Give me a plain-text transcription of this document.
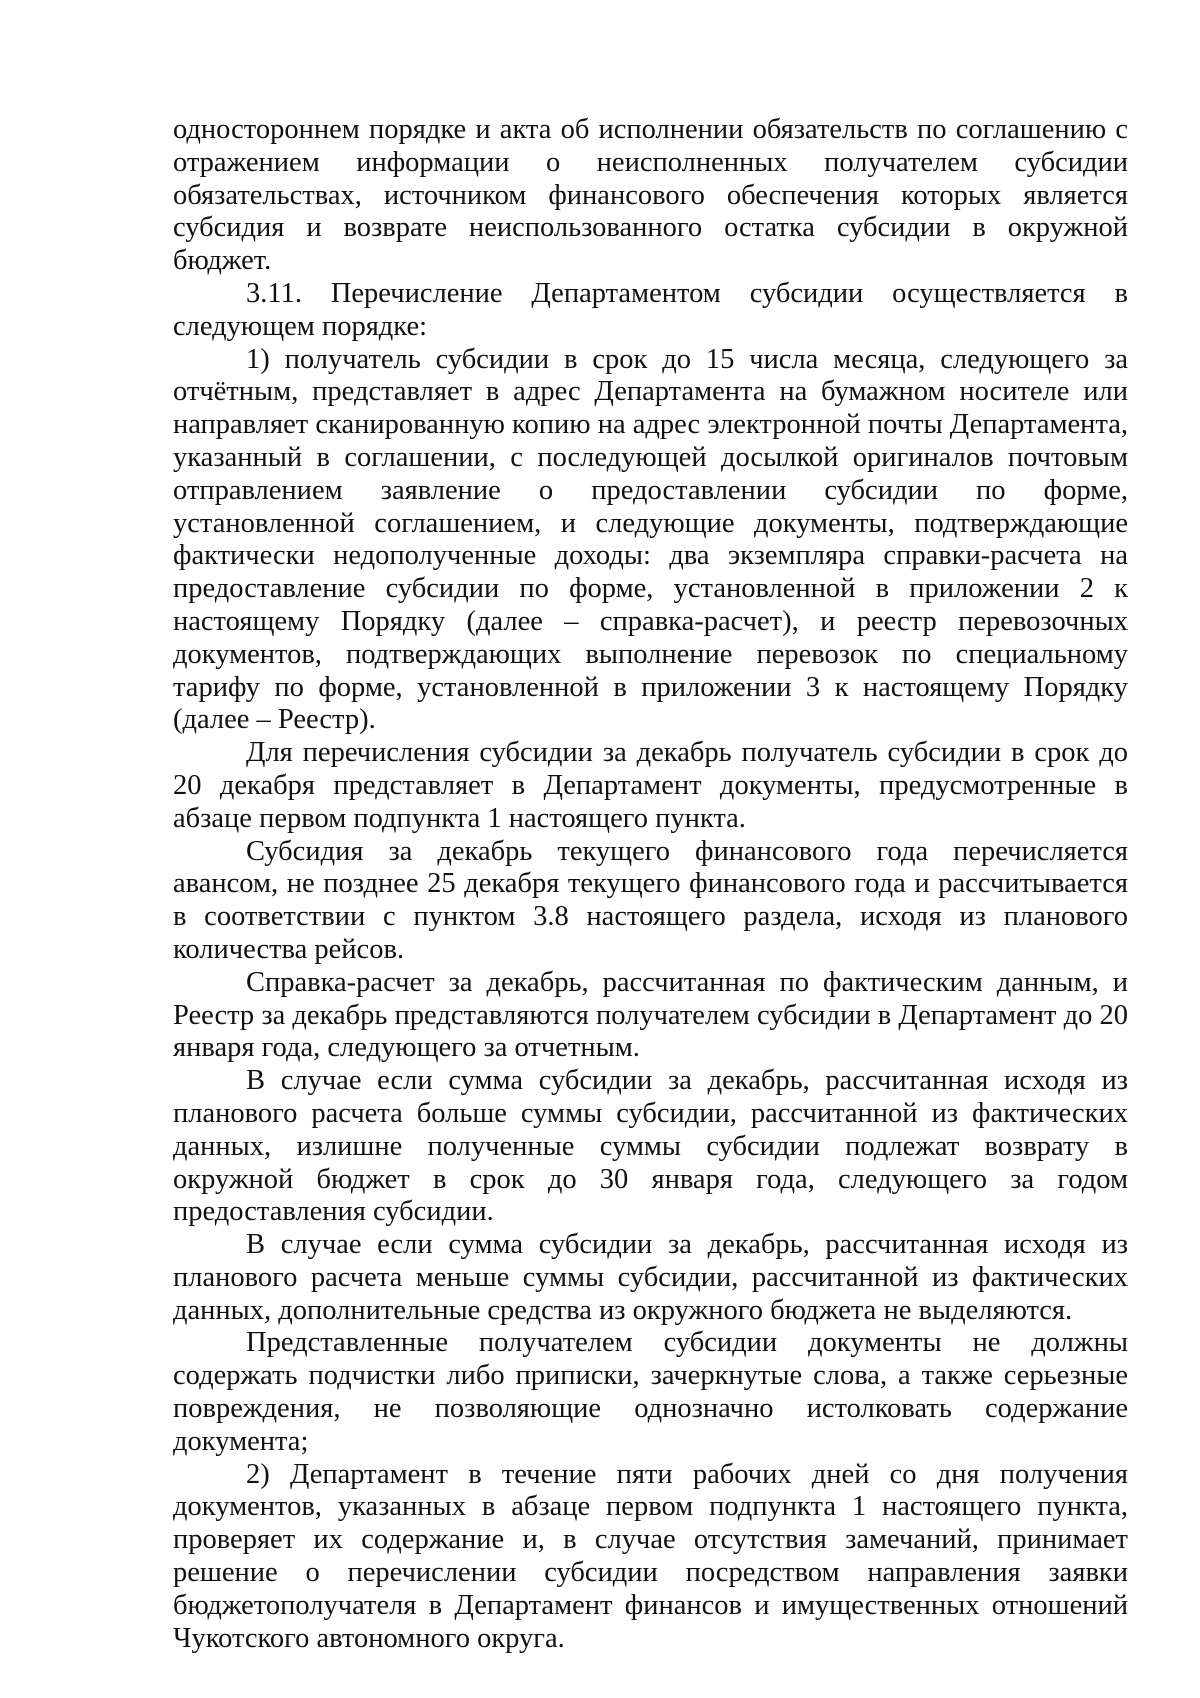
одностороннем порядке и акта об исполнении обязательств по соглашению с отражением информации о неисполненных получателем субсидии обязательствах, источником финансового обеспечения которых является субсидия и возврате неиспользованного остатка субсидии в окружной бюджет.

3.11. Перечисление Департаментом субсидии осуществляется в следующем порядке:

1) получатель субсидии в срок до 15 числа месяца, следующего за отчётным, представляет в адрес Департамента на бумажном носителе или направляет сканированную копию на адрес электронной почты Департамента, указанный в соглашении, с последующей досылкой оригиналов почтовым отправлением заявление о предоставлении субсидии по форме, установленной соглашением, и следующие документы, подтверждающие фактически недополученные доходы: два экземпляра справки-расчета на предоставление субсидии по форме, установленной в приложении 2 к настоящему Порядку (далее – справка-расчет), и реестр перевозочных документов, подтверждающих выполнение перевозок по специальному тарифу по форме, установленной в приложении 3 к настоящему Порядку (далее – Реестр).

Для перечисления субсидии за декабрь получатель субсидии в срок до 20 декабря представляет в Департамент документы, предусмотренные в абзаце первом подпункта 1 настоящего пункта.

Субсидия за декабрь текущего финансового года перечисляется авансом, не позднее 25 декабря текущего финансового года и рассчитывается в соответствии с пунктом 3.8 настоящего раздела, исходя из планового количества рейсов.

Справка-расчет за декабрь, рассчитанная по фактическим данным, и Реестр за декабрь представляются получателем субсидии в Департамент до 20 января года, следующего за отчетным.

В случае если сумма субсидии за декабрь, рассчитанная исходя из планового расчета больше суммы субсидии, рассчитанной из фактических данных, излишне полученные суммы субсидии подлежат возврату в окружной бюджет в срок до 30 января года, следующего за годом предоставления субсидии.

В случае если сумма субсидии за декабрь, рассчитанная исходя из планового расчета меньше суммы субсидии, рассчитанной из фактических данных, дополнительные средства из окружного бюджета не выделяются.

Представленные получателем субсидии документы не должны содержать подчистки либо приписки, зачеркнутые слова, а также серьезные повреждения, не позволяющие однозначно истолковать содержание документа;

2) Департамент в течение пяти рабочих дней со дня получения документов, указанных в абзаце первом подпункта 1 настоящего пункта, проверяет их содержание и, в случае отсутствия замечаний, принимает решение о перечислении субсидии посредством направления заявки бюджетополучателя в Департамент финансов и имущественных отношений Чукотского автономного округа.
